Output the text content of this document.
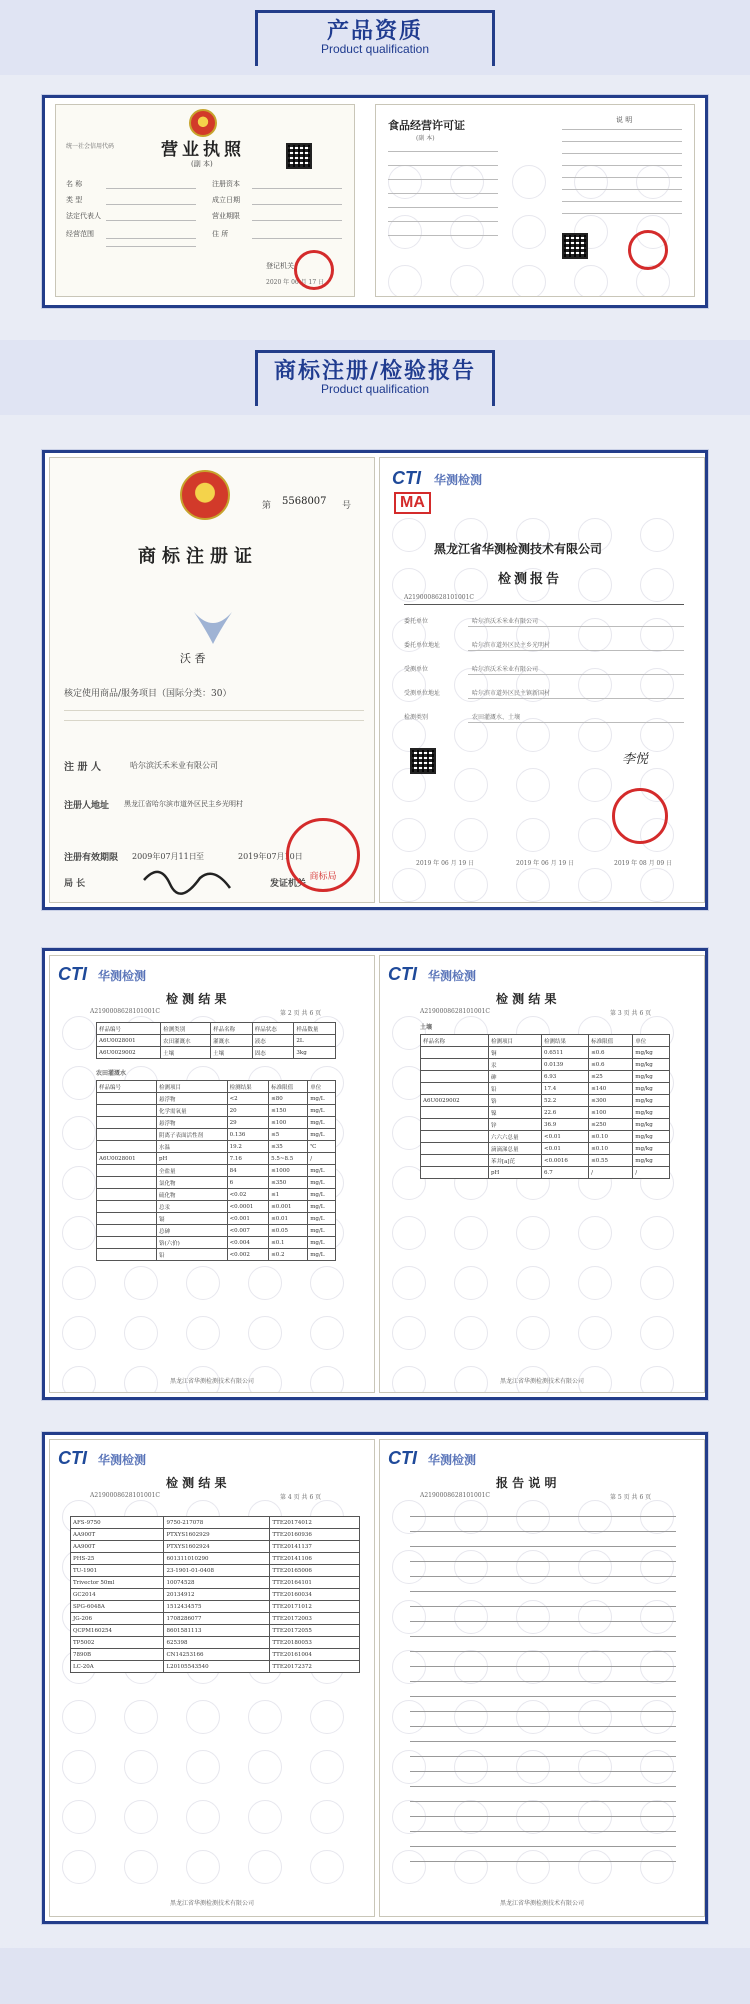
产品资质
Product qualification
营业执照
(副 本)
统一社会信用代码
名 称
类 型
法定代表人
经营范围
注册资本
成立日期
营业期限
住 所
登记机关
2020 年 06 月 17 日
食品经营许可证
(副 本)
说 明
商标注册/检验报告
Product qualification
第 5568007 号
商标注册证
沃 香
核定使用商品/服务项目（国际分类：30）
注 册 人	哈尔滨沃禾米业有限公司
注册人地址 黑龙江省哈尔滨市道外区民主乡光明村
注册有效期限 2009年07月11日 至	2019年07月10日
局 长	发证机关
商标局
CTI 华测检测
MA
黑龙江省华测检测技术有限公司
检测报告
A2190008628101001C
委托单位	哈尔滨沃禾米业有限公司
委托单位地址	哈尔滨市道外区民主乡光明村
受测单位	哈尔滨沃禾米业有限公司
受测单位地址	哈尔滨市道外区民主镇新国村
检测类别	农田灌溉水、土壤
李悦
2019 年 06 月 19 日	2019 年 06 月 19 日	2019 年 08 月 09 日
CTI 华测检测
检 测 结 果
A2190008628101001C	第 2 页 共 6 页
样品编号	检测类别	样品名称	样品状态	样品数量
A6U0028001	农田灌溉水	灌溉水	液态	2L
A6U0029002	土壤	土壤	固态	3kg
农田灌溉水
样品编号	检测项目	检测结果	标准限值	单位
	悬浮物	<2	≤80	mg/L
	化学需氧量	20	≤150	mg/L
	悬浮物	29	≤100	mg/L
	阴离子表面活性剂	0.136	≤5	mg/L
	水温	19.2	≤35	℃
A6U0028001	pH	7.16	5.5~8.5	/
	全盐量	84	≤1000	mg/L
	氯化物	6	≤350	mg/L
	硫化物	<0.02	≤1	mg/L
	总汞	<0.0001	≤0.001	mg/L
	镉	<0.001	≤0.01	mg/L
	总砷	<0.007	≤0.05	mg/L
	铬(六价)	<0.004	≤0.1	mg/L
	铅	<0.002	≤0.2	mg/L
黑龙江省华测检测技术有限公司
CTI 华测检测
检 测 结 果
A2190008628101001C	第 3 页 共 6 页
土壤
样品名称	检测项目	检测结果	标准限值	单位
	铜	0.6511	≤0.6	mg/kg
	汞	0.0139	≤0.6	mg/kg
	砷	6.93	≤25	mg/kg
	铅	17.4	≤140	mg/kg
A6U0029002	铬	52.2	≤300	mg/kg
	镍	22.6	≤100	mg/kg
	锌	36.9	≤250	mg/kg
	六六六总量	<0.01	≤0.10	mg/kg
	滴滴涕总量	<0.01	≤0.10	mg/kg
	苯并[a]芘	<0.0016	≤0.55	mg/kg
	pH	6.7	/	/
黑龙江省华测检测技术有限公司
CTI 华测检测
检 测 结 果
A2190008628101001C	第 4 页 共 6 页
AFS-9750	9750-217078	TTE20174012
AA900T	PTXYS1602929	TTE20160936
AA900T	PTXYS1602924	TTE20141137
PHS-25	601311010290	TTE20141106
TU-1901	23-1901-01-0408	TTE20165006
Trivector 50ml	10074528	TTE20164101
GC2014	20134912	TTE20160034
SPG-6048A	1512434575	TTE20171012
JG-206	1708286077	TTE20172003
QCPM160254	8601581113	TTE20172055
TP5002	625398	TTE20180053
7890B	CN14253166	TTE20161004
LC-20A	L20105543540	TTE20172372
黑龙江省华测检测技术有限公司
CTI 华测检测
报 告 说 明
A2190008628101001C	第 5 页 共 6 页
黑龙江省华测检测技术有限公司
